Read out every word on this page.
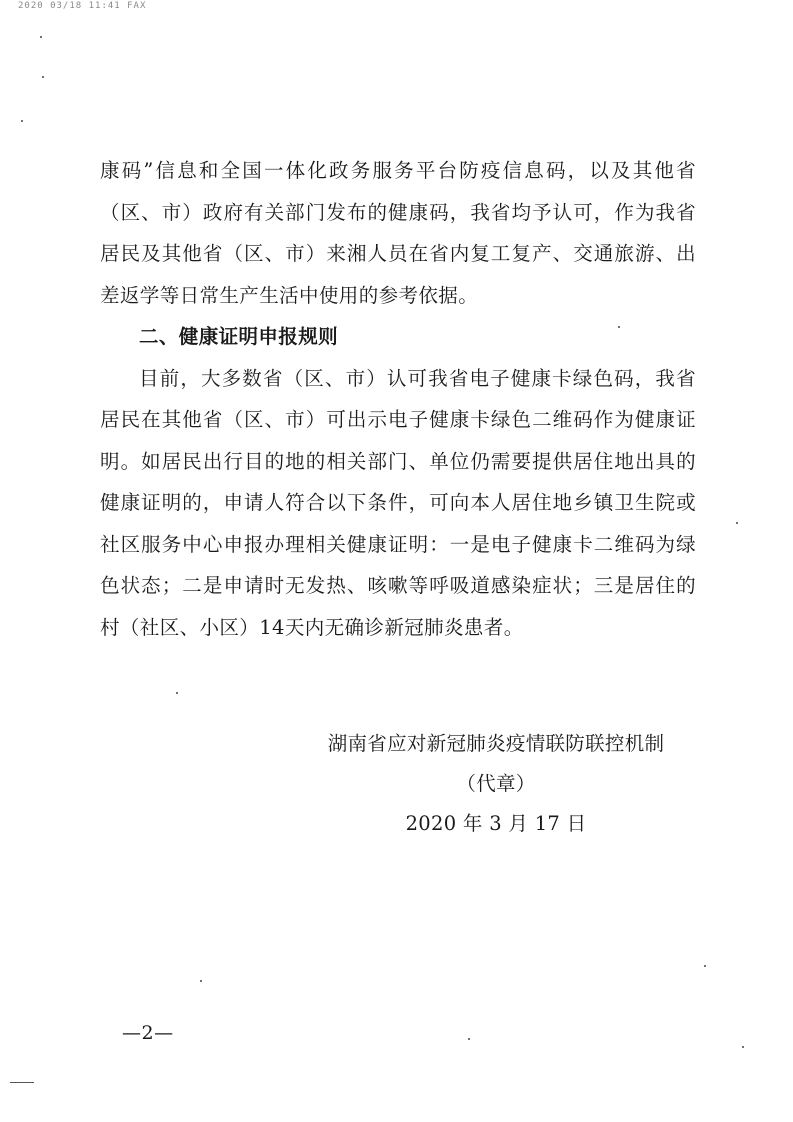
2020 03/18 11:41 FAX

康码”信息和全国一体化政务服务平台防疫信息码，以及其他省（区、市）政府有关部门发布的健康码，我省均予认可，作为我省居民及其他省（区、市）来湘人员在省内复工复产、交通旅游、出差返学等日常生产生活中使用的参考依据。

二、健康证明申报规则

目前，大多数省（区、市）认可我省电子健康卡绿色码，我省居民在其他省（区、市）可出示电子健康卡绿色二维码作为健康证明。如居民出行目的地的相关部门、单位仍需要提供居住地出具的健康证明的，申请人符合以下条件，可向本人居住地乡镇卫生院或社区服务中心申报办理相关健康证明：一是电子健康卡二维码为绿色状态；二是申请时无发热、咳嗽等呼吸道感染症状；三是居住的村（社区、小区）14天内无确诊新冠肺炎患者。

湖南省应对新冠肺炎疫情联防联控机制

（代章）

2020 年 3 月 17 日

—2—
